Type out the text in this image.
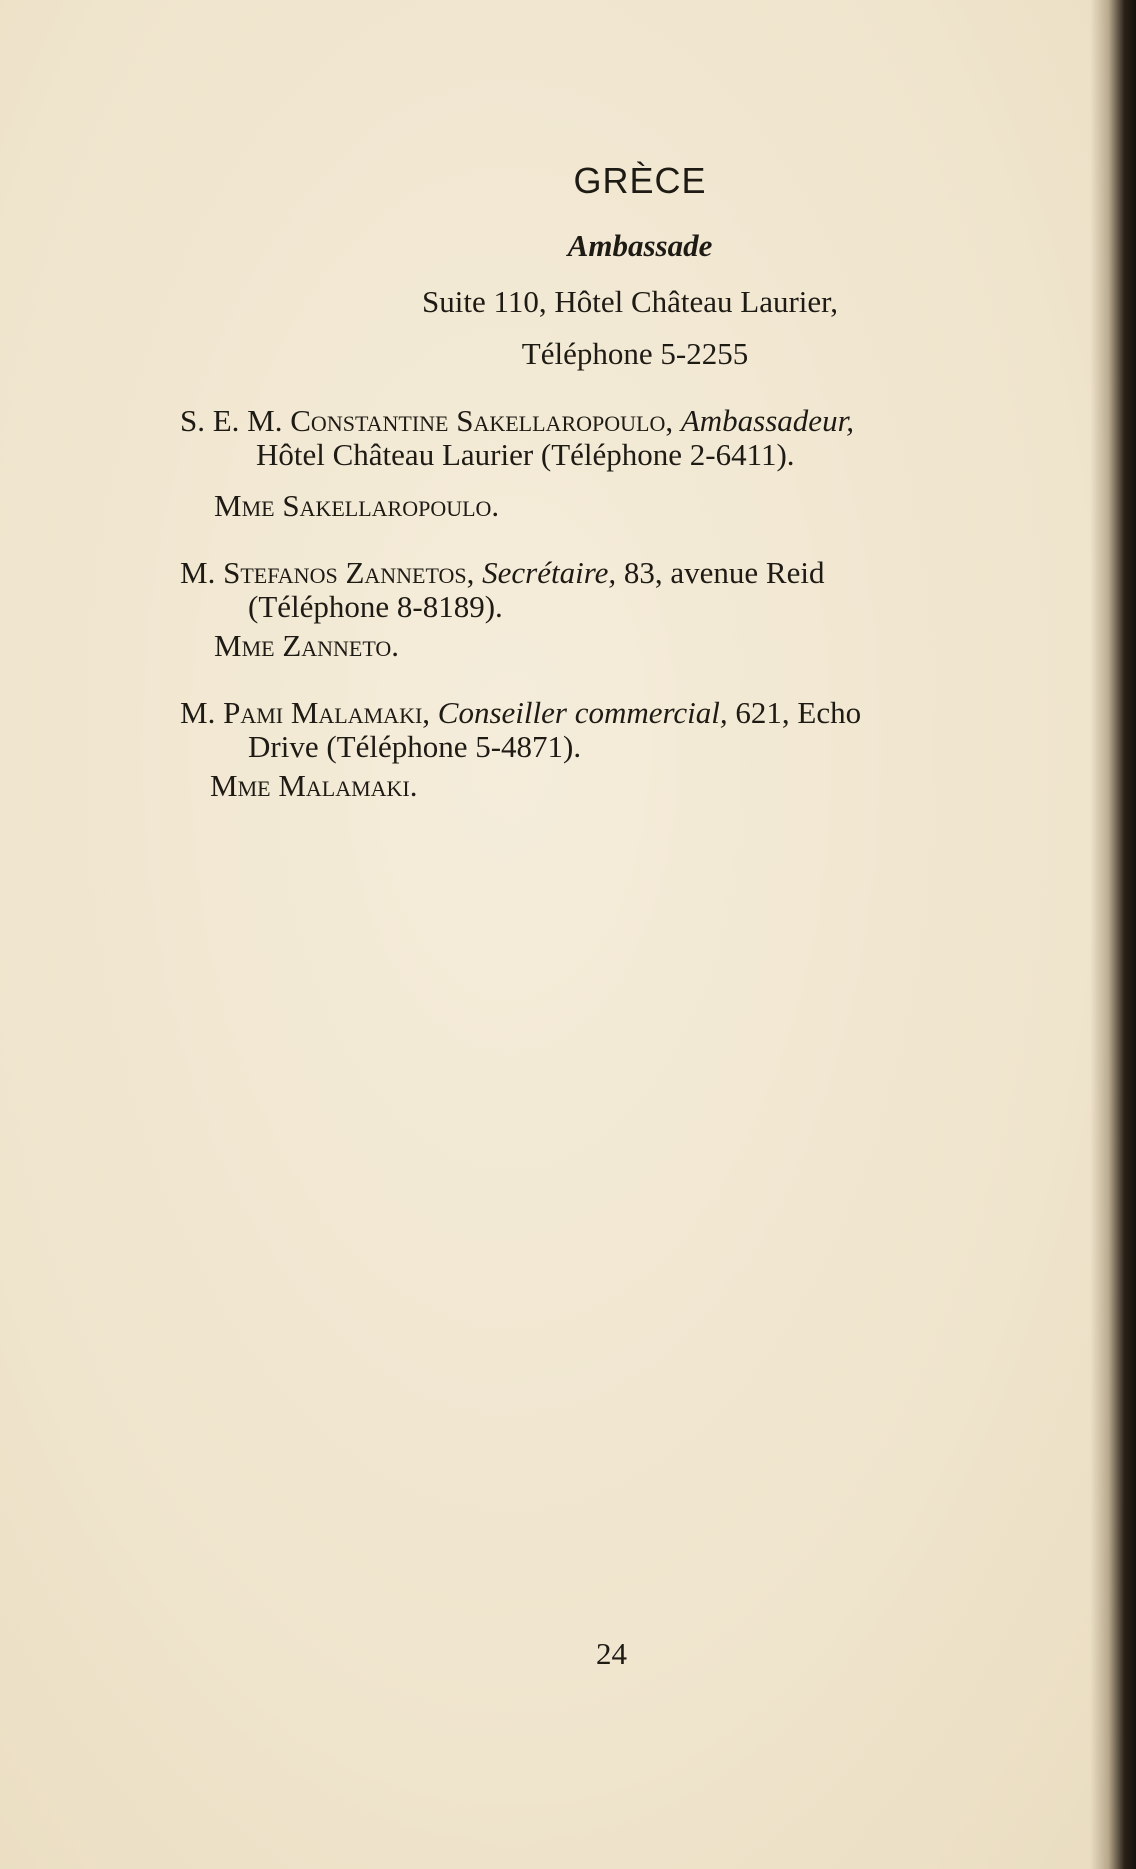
GRÈCE
Ambassade
Suite 110, Hôtel Château Laurier,
Téléphone 5-2255
S. E. M. Constantine Sakellaropoulo, Ambassadeur,
Hôtel Château Laurier (Téléphone 2-6411).
Mme Sakellaropoulo.
M. Stefanos Zannetos, Secrétaire, 83, avenue Reid
(Téléphone 8-8189).
Mme Zanneto.
M. Pami Malamaki, Conseiller commercial, 621, Echo
Drive (Téléphone 5-4871).
Mme Malamaki.
24
